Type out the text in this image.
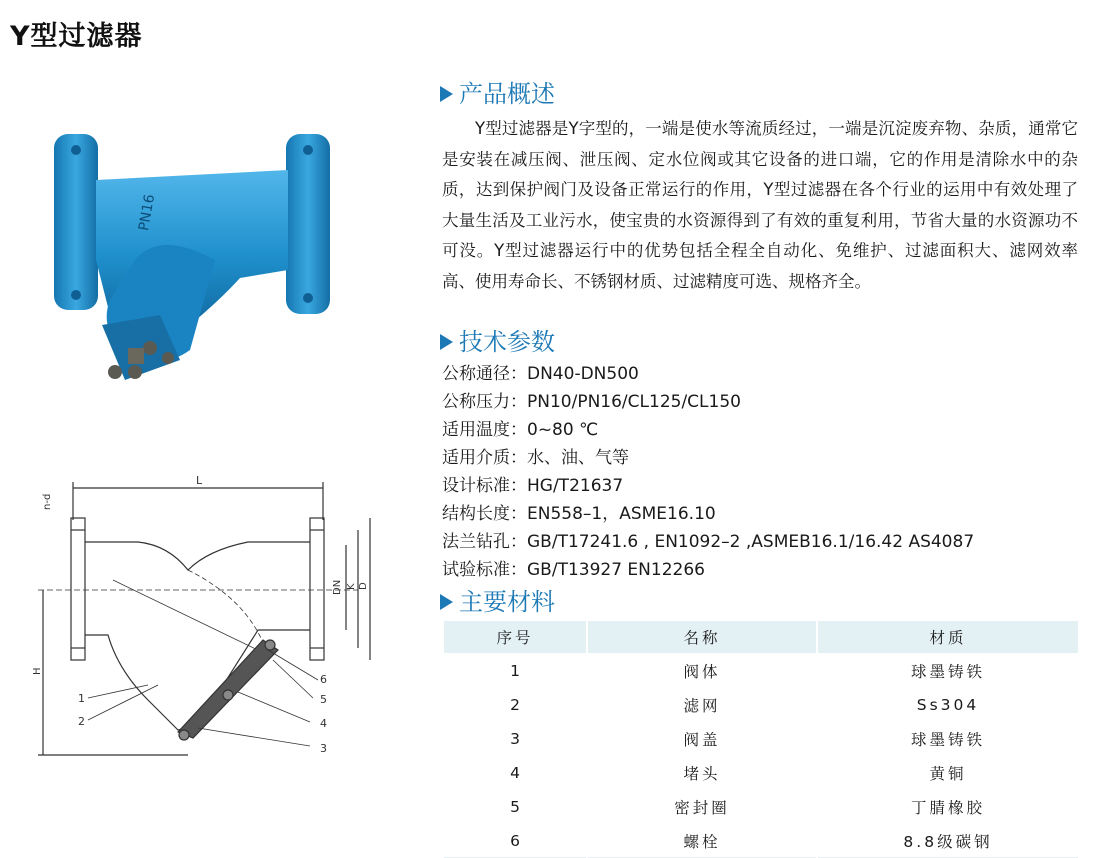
Y型过滤器
PN16
L
n-d
DN K D
H
1
2
3
4
5
6
产品概述

Y型过滤器是Y字型的，一端是使水等流质经过，一端是沉淀废弃物、杂质，通常它是安装在减压阀、泄压阀、定水位阀或其它设备的进口端，它的作用是清除水中的杂质，达到保护阀门及设备正常运行的作用，Y型过滤器在各个行业的运用中有效处理了大量生活及工业污水，使宝贵的水资源得到了有效的重复利用，节省大量的水资源功不可没。Y型过滤器运行中的优势包括全程全自动化、免维护、过滤面积大、滤网效率高、使用寿命长、不锈钢材质、过滤精度可选、规格齐全。

技术参数
公称通径：DN40-DN500
公称压力：PN10/PN16/CL125/CL150
适用温度：0~80 ℃
适用介质：水、油、气等
设计标准：HG/T21637
结构长度：EN558–1，ASME16.10
法兰钻孔：GB/T17241.6 , EN1092–2 ,ASMEB16.1/16.42 AS4087
试验标准：GB/T13927 EN12266
主要材料
序号	名称	材质
1	阀体	球墨铸铁
2	滤网	Ss304
3	阀盖	球墨铸铁
4	堵头	黄铜
5	密封圈	丁腈橡胶
6	螺栓	8.8级碳钢
